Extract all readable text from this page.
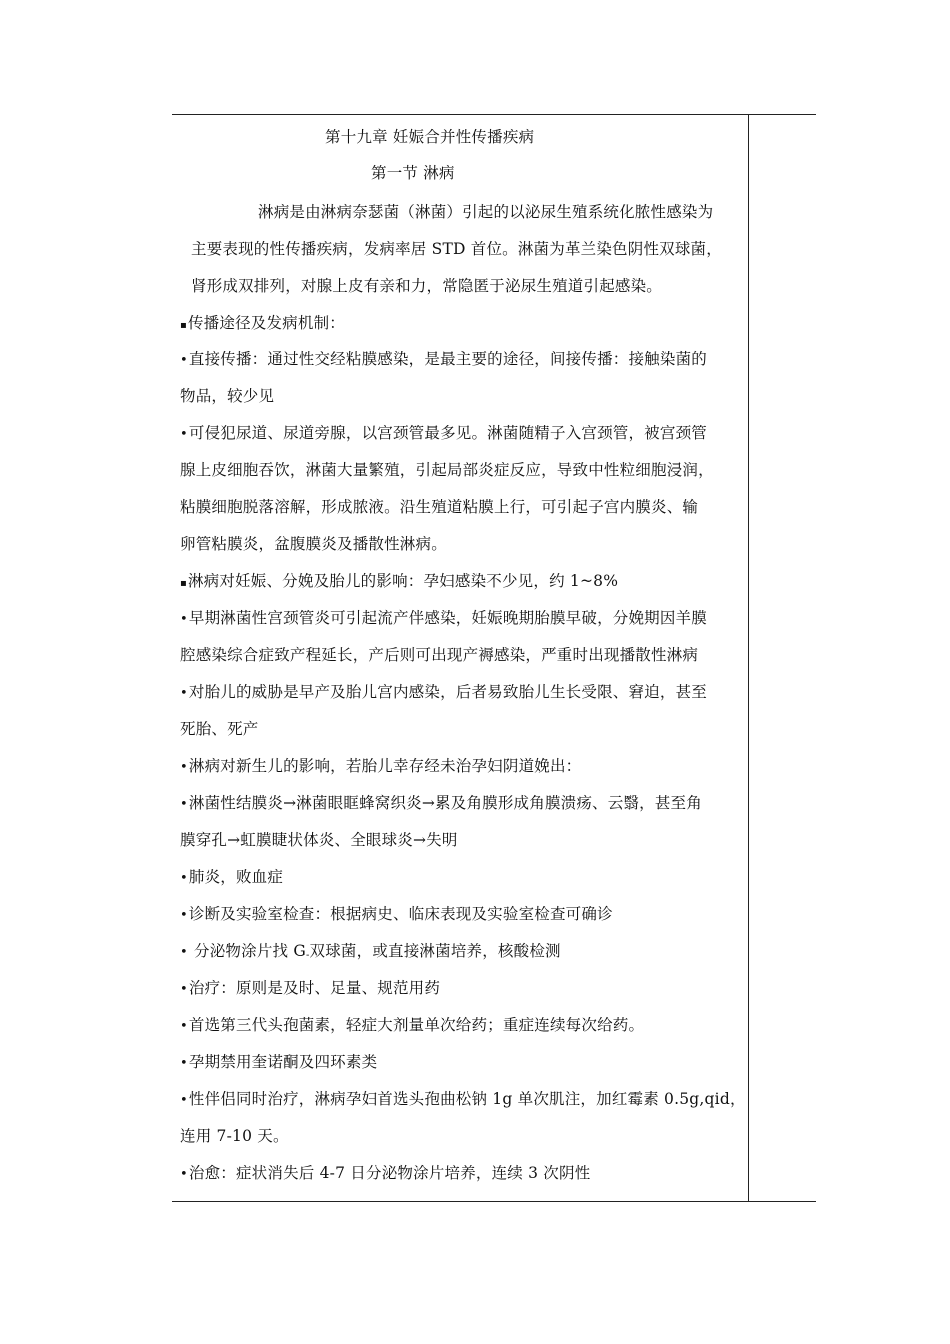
第十九章 妊娠合并性传播疾病
第一节 淋病
淋病是由淋病奈瑟菌（淋菌）引起的以泌尿生殖系统化脓性感染为
主要表现的性传播疾病，发病率居 STD 首位。淋菌为革兰染色阴性双球菌，
肾形成双排列，对腺上皮有亲和力，常隐匿于泌尿生殖道引起感染。
▪ 传播途径及发病机制：
• 直接传播：通过性交经粘膜感染，是最主要的途径，间接传播：接触染菌的
物品，较少见
• 可侵犯尿道、尿道旁腺，以宫颈管最多见。淋菌随精子入宫颈管，被宫颈管
腺上皮细胞吞饮，淋菌大量繁殖，引起局部炎症反应，导致中性粒细胞浸润，
粘膜细胞脱落溶解，形成脓液。沿生殖道粘膜上行，可引起子宫内膜炎、输
卵管粘膜炎，盆腹膜炎及播散性淋病。
▪ 淋病对妊娠、分娩及胎儿的影响：孕妇感染不少见，约 1~8%
• 早期淋菌性宫颈管炎可引起流产伴感染，妊娠晚期胎膜早破，分娩期因羊膜
腔感染综合症致产程延长，产后则可出现产褥感染，严重时出现播散性淋病
• 对胎儿的威胁是早产及胎儿宫内感染，后者易致胎儿生长受限、窘迫，甚至
死胎、死产
• 淋病对新生儿的影响，若胎儿幸存经未治孕妇阴道娩出：
• 淋菌性结膜炎→淋菌眼眶蜂窝织炎→累及角膜形成角膜溃疡、云翳，甚至角
膜穿孔→虹膜睫状体炎、全眼球炎→失明
• 肺炎，败血症
• 诊断及实验室检查：根据病史、临床表现及实验室检查可确诊
• 分泌物涂片找 $G_-$双球菌，或直接淋菌培养，核酸检测
• 治疗：原则是及时、足量、规范用药
• 首选第三代头孢菌素，轻症大剂量单次给药；重症连续每次给药。
• 孕期禁用奎诺酮及四环素类
• 性伴侣同时治疗，淋病孕妇首选头孢曲松钠 1g 单次肌注，加红霉素 0.5g,qid，
连用 7-10 天。
• 治愈：症状消失后 4-7 日分泌物涂片培养，连续 3 次阴性
